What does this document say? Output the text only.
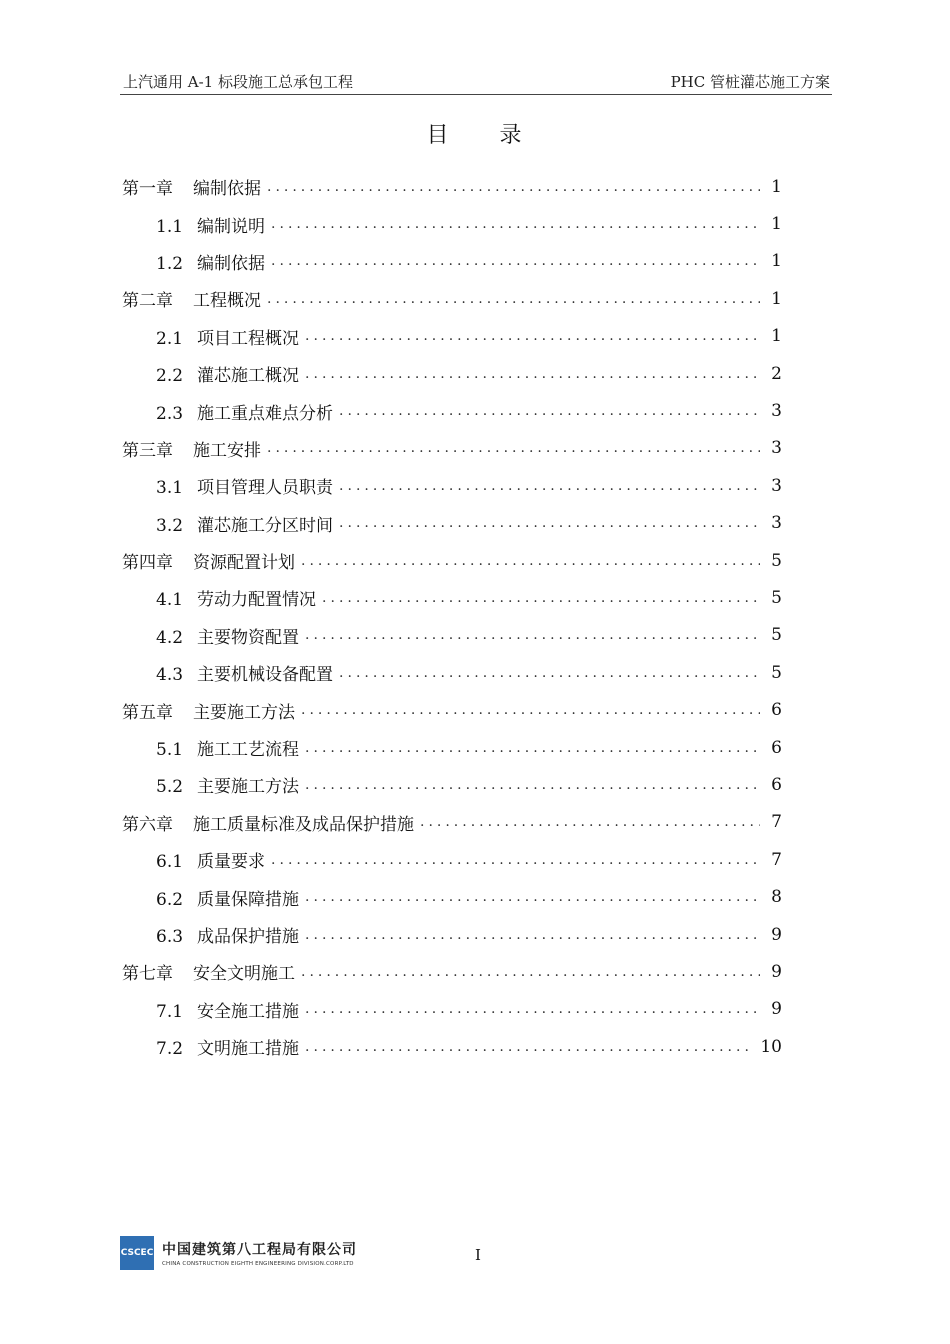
上汽通用 A-1 标段施工总承包工程	PHC 管桩灌芯施工方案
目 录
第一章 编制依据 .....	1
1.1 编制说明 .....	1
1.2 编制依据 .....	1
第二章 工程概况 .....	1
2.1 项目工程概况 .....	1
2.2 灌芯施工概况 .....	2
2.3 施工重点难点分析 .....	3
第三章 施工安排 .....	3
3.1 项目管理人员职责 .....	3
3.2 灌芯施工分区时间 .....	3
第四章 资源配置计划 .....	5
4.1 劳动力配置情况 .....	5
4.2 主要物资配置 .....	5
4.3 主要机械设备配置 .....	5
第五章 主要施工方法 .....	6
5.1 施工工艺流程 .....	6
5.2 主要施工方法 .....	6
第六章 施工质量标准及成品保护措施 .....	7
6.1 质量要求 .....	7
6.2 质量保障措施 .....	8
6.3 成品保护措施 .....	9
第七章 安全文明施工 .....	9
7.1 安全施工措施 .....	9
7.2 文明施工措施 .....	10
CSCEC 中国建筑第八工程局有限公司
CHINA CONSTRUCTION EIGHTH ENGINEERING DIVISION.CORP.LTD	I
